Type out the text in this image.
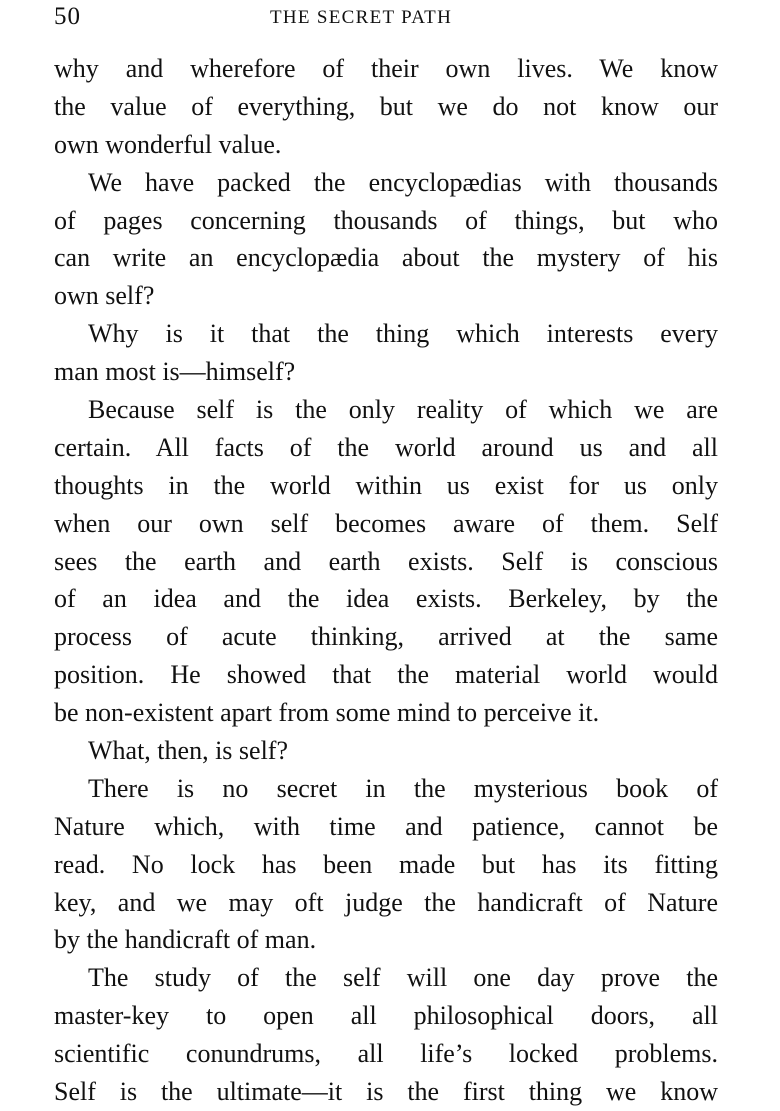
50	THE SECRET PATH
why and wherefore of their own lives. We know
the value of everything, but we do not know our
own wonderful value.
We have packed the encyclopædias with thousands
of pages concerning thousands of things, but who
can write an encyclopædia about the mystery of his
own self?
Why is it that the thing which interests every
man most is—himself?
Because self is the only reality of which we are
certain. All facts of the world around us and all
thoughts in the world within us exist for us only
when our own self becomes aware of them. Self
sees the earth and earth exists. Self is conscious
of an idea and the idea exists. Berkeley, by the
process of acute thinking, arrived at the same
position. He showed that the material world would
be non-existent apart from some mind to perceive it.
What, then, is self?
There is no secret in the mysterious book of
Nature which, with time and patience, cannot be
read. No lock has been made but has its fitting
key, and we may oft judge the handicraft of Nature
by the handicraft of man.
The study of the self will one day prove the
master-key to open all philosophical doors, all
scientific conundrums, all life’s locked problems.
Self is the ultimate—it is the first thing we know
